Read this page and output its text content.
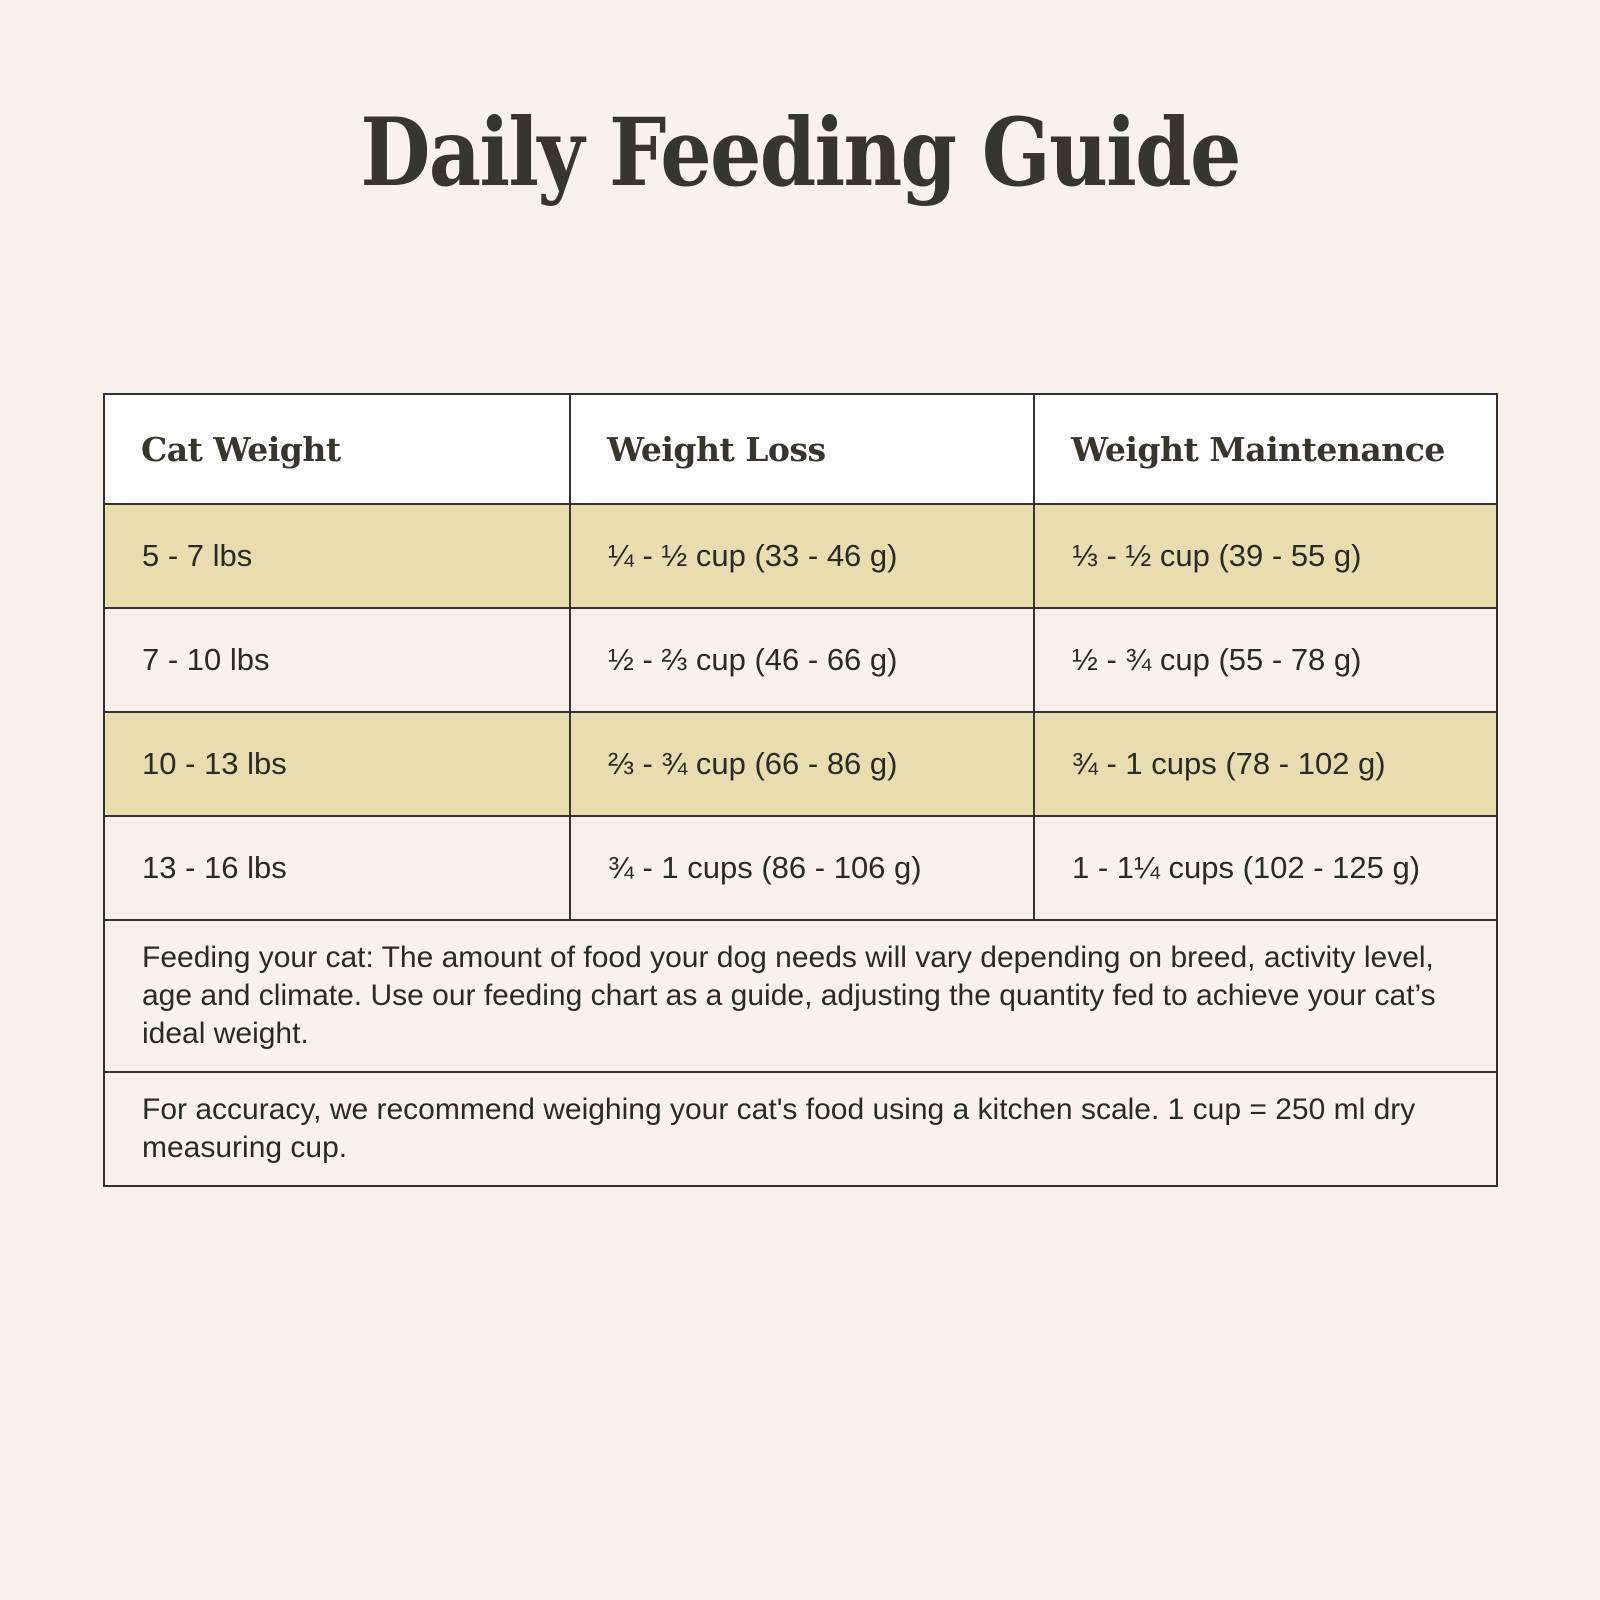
Daily Feeding Guide
Cat Weight	Weight Loss	Weight Maintenance
5 - 7 lbs	¼ - ½ cup (33 - 46 g)	⅓ - ½ cup (39 - 55 g)
7 - 10 lbs	½ - ⅔ cup (46 - 66 g)	½ - ¾ cup (55 - 78 g)
10 - 13 lbs	⅔ - ¾ cup (66 - 86 g)	¾ - 1 cups (78 - 102 g)
13 - 16 lbs	¾ - 1 cups (86 - 106 g)	1 - 1¼ cups (102 - 125 g)
Feeding your cat: The amount of food your dog needs will vary depending on breed, activity level, age and climate. Use our feeding chart as a guide, adjusting the quantity fed to achieve your cat’s ideal weight.		
For accuracy, we recommend weighing your cat's food using a kitchen scale. 1 cup = 250 ml dry measuring cup.		
